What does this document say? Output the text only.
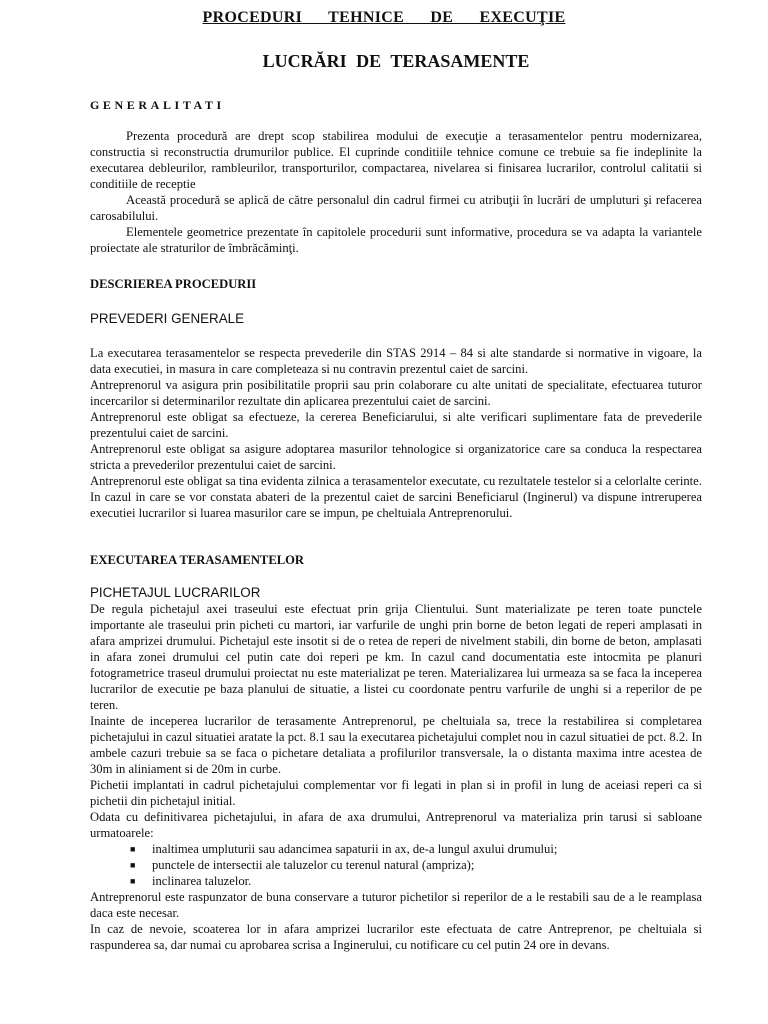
PROCEDURI TEHNICE DE EXECUŢIE
LUCRĂRI DE TERASAMENTE
GENERALITATI

Prezenta procedură are drept scop stabilirea modului de execuţie a terasamentelor pentru modernizarea, constructia si reconstructia drumurilor publice. El cuprinde conditiile tehnice comune ce trebuie sa fie indeplinite la executarea debleurilor, rambleurilor, transporturilor, compactarea, nivelarea si finisarea lucrarilor, controlul calitatii si conditiile de receptie

Această procedură se aplică de către personalul din cadrul firmei cu atribuţii în lucrări de umpluturi şi refacerea carosabilului.

Elementele geometrice prezentate în capitolele procedurii sunt informative, procedura se va adapta la variantele proiectate ale straturilor de îmbrăcăminţi.

DESCRIEREA PROCEDURII
PREVEDERI GENERALE

La executarea terasamentelor se respecta prevederile din STAS 2914 – 84 si alte standarde si normative in vigoare, la data executiei, in masura in care completeaza si nu contravin prezentul caiet de sarcini.

Antreprenorul va asigura prin posibilitatile proprii sau prin colaborare cu alte unitati de specialitate, efectuarea tuturor incercarilor si determinarilor rezultate din aplicarea prezentului caiet de sarcini.

Antreprenorul este obligat sa efectueze, la cererea Beneficiarului, si alte verificari suplimentare fata de prevederile prezentului caiet de sarcini.

Antreprenorul este obligat sa asigure adoptarea masurilor tehnologice si organizatorice care sa conduca la respectarea stricta a prevederilor prezentului caiet de sarcini.

Antreprenorul este obligat sa tina evidenta zilnica a terasamentelor executate, cu rezultatele testelor si a celorlalte cerinte.

In cazul in care se vor constata abateri de la prezentul caiet de sarcini Beneficiarul (Inginerul) va dispune intreruperea executiei lucrarilor si luarea masurilor care se impun, pe cheltuiala Antreprenorului.

EXECUTAREA TERASAMENTELOR
PICHETAJUL LUCRARILOR

De regula pichetajul axei traseului este efectuat prin grija Clientului. Sunt materializate pe teren toate punctele importante ale traseului prin picheti cu martori, iar varfurile de unghi prin borne de beton legati de reperi amplasati in afara amprizei drumului. Pichetajul este insotit si de o retea de reperi de nivelment stabili, din borne de beton, amplasati in afara zonei drumului cel putin cate doi reperi pe km. In cazul cand documentatia este intocmita pe planuri fotogrametrice traseul drumului proiectat nu este materializat pe teren. Materializarea lui urmeaza sa se faca la inceperea lucrarilor de executie pe baza planului de situatie, a listei cu coordonate pentru varfurile de unghi si a reperilor de pe teren.

Inainte de inceperea lucrarilor de terasamente Antreprenorul, pe cheltuiala sa, trece la restabilirea si completarea pichetajului in cazul situatiei aratate la pct. 8.1 sau la executarea pichetajului complet nou in cazul situatiei de pct. 8.2. In ambele cazuri trebuie sa se faca o pichetare detaliata a profilurilor transversale, la o distanta maxima intre acestea de 30m in aliniament si de 20m in curbe.

Pichetii implantati in cadrul pichetajului complementar vor fi legati in plan si in profil in lung de aceiasi reperi ca si pichetii din pichetajul initial.

Odata cu definitivarea pichetajului, in afara de axa drumului, Antreprenorul va materializa prin tarusi si sabloane urmatoarele:

■ inaltimea umpluturii sau adancimea sapaturii in ax, de-a lungul axului drumului;
■ punctele de intersectii ale taluzelor cu terenul natural (ampriza);
■ inclinarea taluzelor.

Antreprenorul este raspunzator de buna conservare a tuturor pichetilor si reperilor de a le restabili sau de a le reamplasa daca este necesar.

In caz de nevoie, scoaterea lor in afara amprizei lucrarilor este efectuata de catre Antreprenor, pe cheltuiala si raspunderea sa, dar numai cu aprobarea scrisa a Inginerului, cu notificare cu cel putin 24 ore in devans.
